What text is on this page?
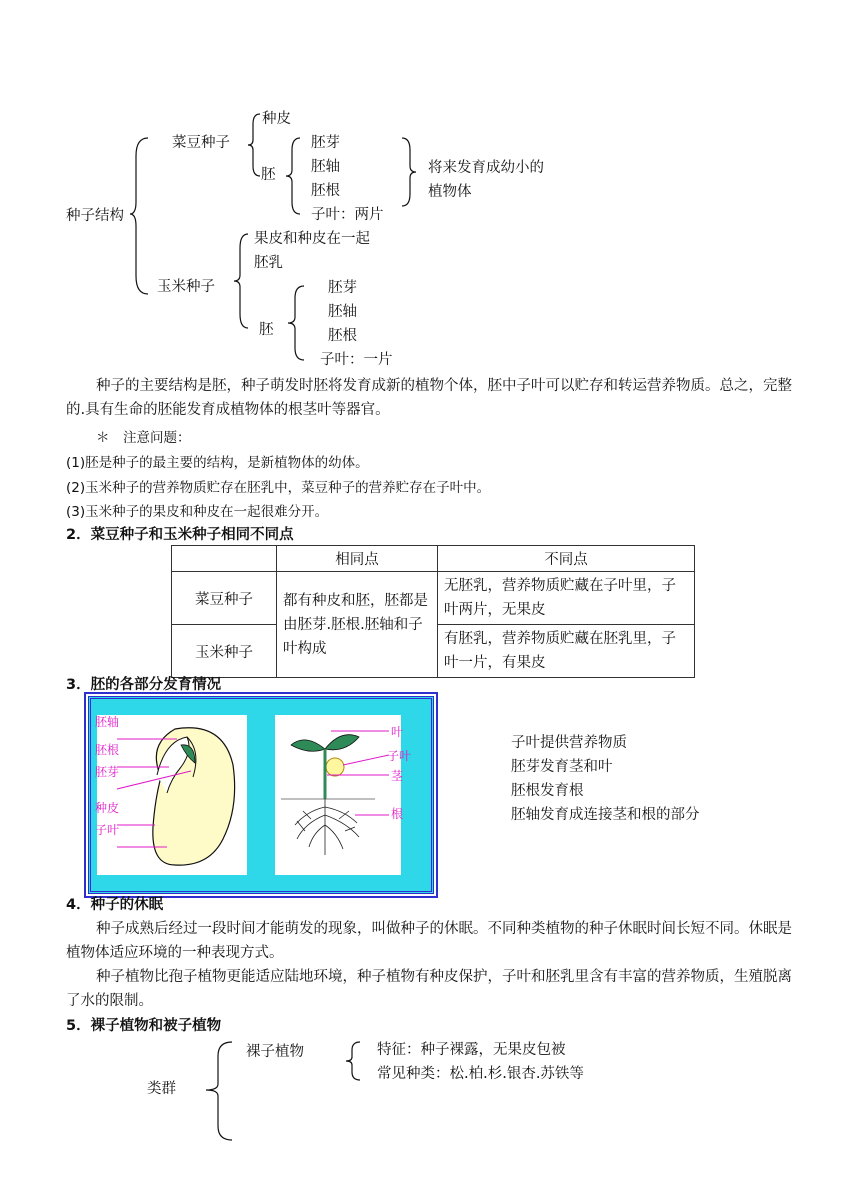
种子结构
菜豆种子
种皮
胚
胚芽
胚轴
胚根
子叶：两片
将来发育成幼小的
植物体
玉米种子
果皮和种皮在一起
胚乳
胚
胚芽
胚轴
胚根
子叶：一片
种子的主要结构是胚，种子萌发时胚将发育成新的植物个体，胚中子叶可以贮存和转运营养物质。总之，完整的.具有生命的胚能发育成植物体的根茎叶等器官。
＊　注意问题：
(1)胚是种子的最主要的结构，是新植物体的幼体。
(2)玉米种子的营养物质贮存在胚乳中，菜豆种子的营养贮存在子叶中。
(3)玉米种子的果皮和种皮在一起很难分开。
2．菜豆种子和玉米种子相同不同点
	相同点	不同点
菜豆种子	都有种皮和胚，胚都是由胚芽.胚根.胚轴和子叶构成	无胚乳，营养物质贮藏在子叶里，子叶两片，无果皮
玉米种子		有胚乳，营养物质贮藏在胚乳里，子叶一片，有果皮
3．胚的各部分发育情况
胚轴
胚根
胚芽
种皮
子叶
叶
子叶
茎
根
子叶提供营养物质
胚芽发育茎和叶
胚根发育根
胚轴发育成连接茎和根的部分
4．种子的休眠
种子成熟后经过一段时间才能萌发的现象，叫做种子的休眠。不同种类植物的种子休眠时间长短不同。休眠是植物体适应环境的一种表现方式。
种子植物比孢子植物更能适应陆地环境，种子植物有种皮保护，子叶和胚乳里含有丰富的营养物质，生殖脱离了水的限制。
5．裸子植物和被子植物
类群
裸子植物	特征：种子裸露，无果皮包被
常见种类：松.柏.杉.银杏.苏铁等
